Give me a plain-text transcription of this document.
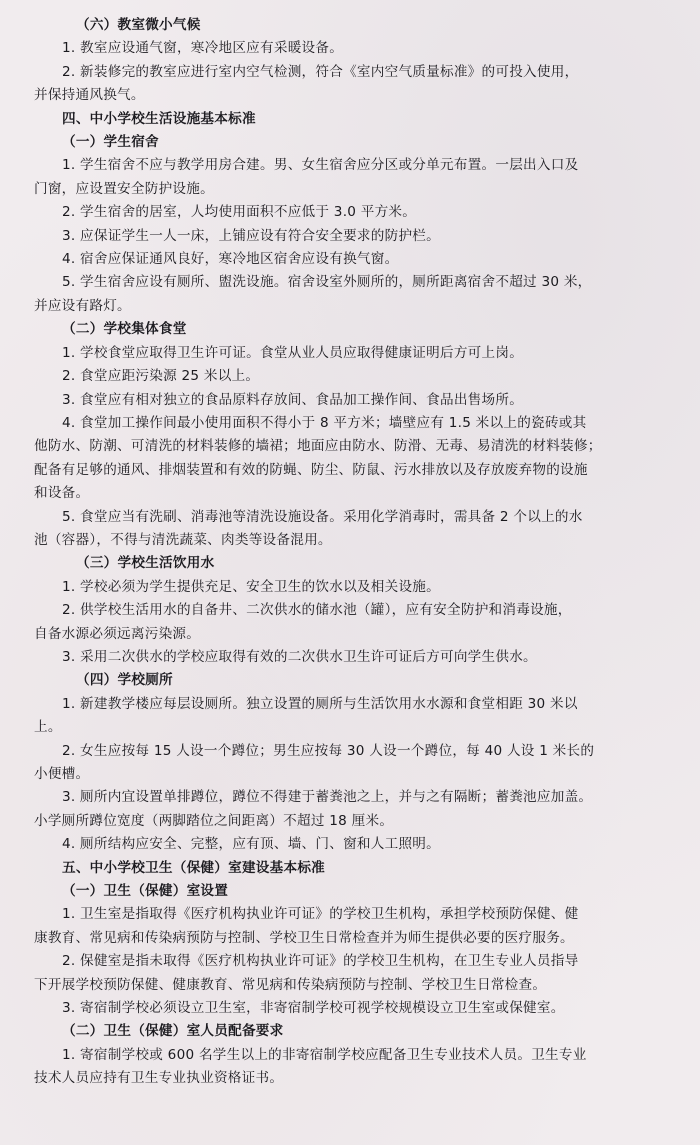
（六）教室微小气候
1. 教室应设通气窗，寒冷地区应有采暖设备。
2. 新装修完的教室应进行室内空气检测，符合《室内空气质量标准》的可投入使用，
并保持通风换气。
四、中小学校生活设施基本标准
（一）学生宿舍
1. 学生宿舍不应与教学用房合建。男、女生宿舍应分区或分单元布置。一层出入口及
门窗，应设置安全防护设施。
2. 学生宿舍的居室，人均使用面积不应低于 3.0 平方米。
3. 应保证学生一人一床，上铺应设有符合安全要求的防护栏。
4. 宿舍应保证通风良好，寒冷地区宿舍应设有换气窗。
5. 学生宿舍应设有厕所、盥洗设施。宿舍设室外厕所的，厕所距离宿舍不超过 30 米，
并应设有路灯。
（二）学校集体食堂
1. 学校食堂应取得卫生许可证。食堂从业人员应取得健康证明后方可上岗。
2. 食堂应距污染源 25 米以上。
3. 食堂应有相对独立的食品原料存放间、食品加工操作间、食品出售场所。
4. 食堂加工操作间最小使用面积不得小于 8 平方米；墙壁应有 1.5 米以上的瓷砖或其
他防水、防潮、可清洗的材料装修的墙裙；地面应由防水、防滑、无毒、易清洗的材料装修；
配备有足够的通风、排烟装置和有效的防蝇、防尘、防鼠、污水排放以及存放废弃物的设施
和设备。
5. 食堂应当有洗刷、消毒池等清洗设施设备。采用化学消毒时，需具备 2 个以上的水
池（容器），不得与清洗蔬菜、肉类等设备混用。
（三）学校生活饮用水
1. 学校必须为学生提供充足、安全卫生的饮水以及相关设施。
2. 供学校生活用水的自备井、二次供水的储水池（罐），应有安全防护和消毒设施，
自备水源必须远离污染源。
3. 采用二次供水的学校应取得有效的二次供水卫生许可证后方可向学生供水。
（四）学校厕所
1. 新建教学楼应每层设厕所。独立设置的厕所与生活饮用水水源和食堂相距 30 米以
上。
2. 女生应按每 15 人设一个蹲位；男生应按每 30 人设一个蹲位，每 40 人设 1 米长的
小便槽。
3. 厕所内宜设置单排蹲位，蹲位不得建于蓄粪池之上，并与之有隔断；蓄粪池应加盖。
小学厕所蹲位宽度（两脚踏位之间距离）不超过 18 厘米。
4. 厕所结构应安全、完整，应有顶、墙、门、窗和人工照明。
五、中小学校卫生（保健）室建设基本标准
（一）卫生（保健）室设置
1. 卫生室是指取得《医疗机构执业许可证》的学校卫生机构，承担学校预防保健、健
康教育、常见病和传染病预防与控制、学校卫生日常检查并为师生提供必要的医疗服务。
2. 保健室是指未取得《医疗机构执业许可证》的学校卫生机构，在卫生专业人员指导
下开展学校预防保健、健康教育、常见病和传染病预防与控制、学校卫生日常检查。
3. 寄宿制学校必须设立卫生室，非寄宿制学校可视学校规模设立卫生室或保健室。
（二）卫生（保健）室人员配备要求
1. 寄宿制学校或 600 名学生以上的非寄宿制学校应配备卫生专业技术人员。卫生专业
技术人员应持有卫生专业执业资格证书。
